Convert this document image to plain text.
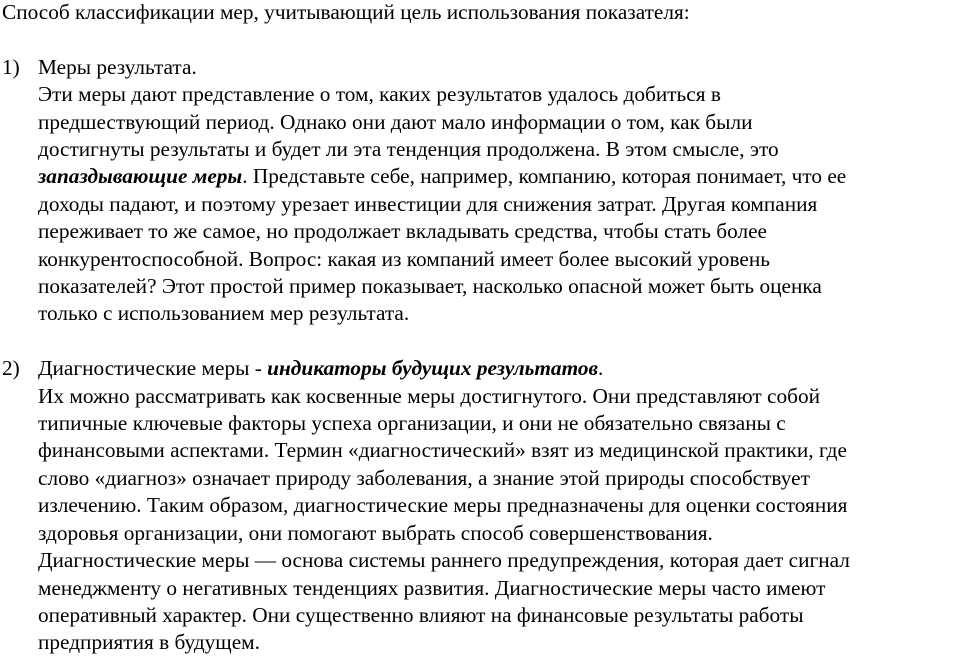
Способ классификации мер, учитывающий цель использования показателя:

1) Меры результата.
Эти меры дают представление о том, каких результатов удалось добиться в
предшествующий период. Однако они дают мало информации о том, как были
достигнуты результаты и будет ли эта тенденция продолжена. В этом смысле, это
запаздывающие меры. Представьте себе, например, компанию, которая понимает, что ее
доходы падают, и поэтому урезает инвестиции для снижения затрат. Другая компания
переживает то же самое, но продолжает вкладывать средства, чтобы стать более
конкурентоспособной. Вопрос: какая из компаний имеет более высокий уровень
показателей? Этот простой пример показывает, насколько опасной может быть оценка
только с использованием мер результата.

2) Диагностические меры - индикаторы будущих результатов.
Их можно рассматривать как косвенные меры достигнутого. Они представляют собой
типичные ключевые факторы успеха организации, и они не обязательно связаны с
финансовыми аспектами. Термин «диагностический» взят из медицинской практики, где
слово «диагноз» означает природу заболевания, а знание этой природы способствует
излечению. Таким образом, диагностические меры предназначены для оценки состояния
здоровья организации, они помогают выбрать способ совершенствования.
Диагностические меры — основа системы раннего предупреждения, которая дает сигнал
менеджменту о негативных тенденциях развития. Диагностические меры часто имеют
оперативный характер. Они существенно влияют на финансовые результаты работы
предприятия в будущем.
